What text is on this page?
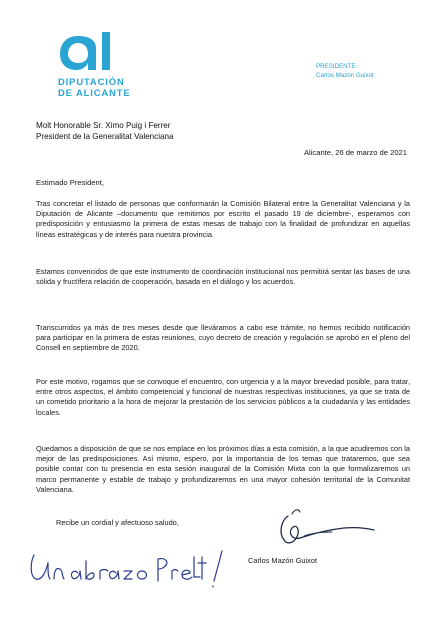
DIPUTACIÓN
DE ALICANTE
PRESIDENTE
Carlos Mazón Guixot
Molt Honorable Sr. Ximo Puig i Ferrer
President de la Generalitat Valenciana
Alicante, 26 de marzo de 2021
Estimado President,

Tras concretar el listado de personas que conformarán la Comisión Bilateral entre la Generalitat Valenciana y la Diputación de Alicante –documento que remitimos por escrito el pasado 19 de diciembre-, esperamos con predisposición y entusiasmo la primera de estas mesas de trabajo con la finalidad de profundizar en aquellas líneas estratégicas y de interés para nuestra provincia.

Estamos convencidos de que este instrumento de coordinación institucional nos permitirá sentar las bases de una sólida y fructífera relación de cooperación, basada en el diálogo y los acuerdos.

Transcurridos ya más de tres meses desde que lleváramos a cabo ese trámite, no hemos recibido notificación para participar en la primera de estas reuniones, cuyo decreto de creación y regulación se aprobó en el pleno del Consell en septiembre de 2020.

Por este motivo, rogamos que se convoque el encuentro, con urgencia y a la mayor brevedad posible, para tratar, entre otros aspectos, el ámbito competencial y funcional de nuestras respectivas instituciones, ya que se trata de un cometido prioritario a la hora de mejorar la prestación de los servicios públicos a la ciudadanía y las entidades locales.

Quedamos a disposición de que se nos emplace en los próximos días a esta comisión, a la que acudiremos con la mejor de las predisposiciones. Así mismo, espero, por la importancia de los temas que trataremos, que sea posible contar con tu presencia en esta sesión inaugural de la Comisión Mixta con la que formalizaremos un marco permanente y estable de trabajo y profundizaremos en una mayor cohesión territorial de la Comunitat Valenciana.

Recibe un cordial y afectuoso saludo,
Carlos Mazón Guixot
Un abrazo Presidente!
